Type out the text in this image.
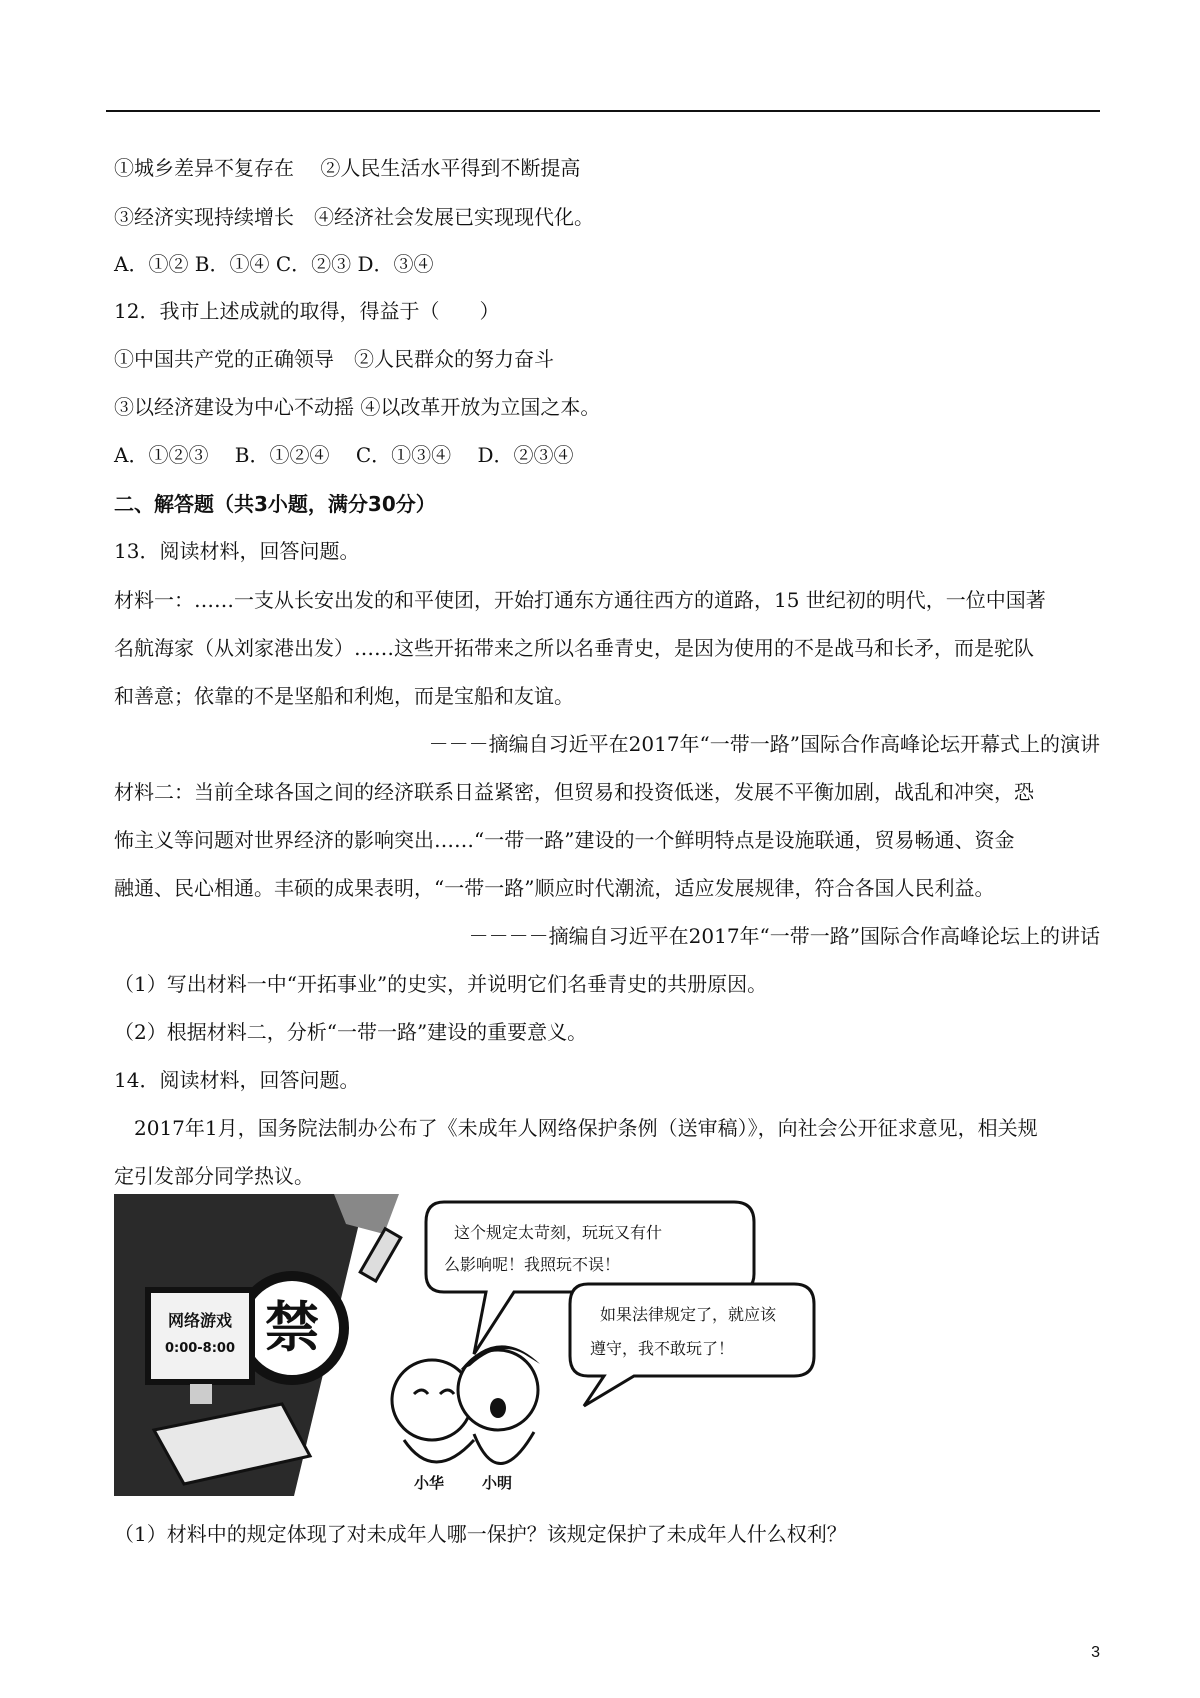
①城乡差异不复存在　 ②人民生活水平得到不断提高
③经济实现持续增长　④经济社会发展已实现现代化。
A．①② B．①④ C．②③ D．③④
12．我市上述成就的取得，得益于（　　）
①中国共产党的正确领导　②人民群众的努力奋斗
③以经济建设为中心不动摇 ④以改革开放为立国之本。
A．①②③　 B．①②④　 C．①③④　 D．②③④
二、解答题（共3小题，满分30分）
13．阅读材料，回答问题。
材料一：……一支从长安出发的和平使团，开始打通东方通往西方的道路，15 世纪初的明代，一位中国著
名航海家（从刘家港出发）……这些开拓带来之所以名垂青史，是因为使用的不是战马和长矛，而是驼队
和善意；依靠的不是坚船和利炮，而是宝船和友谊。
－－－摘编自习近平在2017年“一带一路”国际合作高峰论坛开幕式上的演讲
材料二：当前全球各国之间的经济联系日益紧密，但贸易和投资低迷，发展不平衡加剧，战乱和冲突，恐
怖主义等问题对世界经济的影响突出……“一带一路”建设的一个鲜明特点是设施联通，贸易畅通、资金
融通、民心相通。丰硕的成果表明，“一带一路”顺应时代潮流，适应发展规律，符合各国人民利益。
－－－－摘编自习近平在2017年“一带一路”国际合作高峰论坛上的讲话
（1）写出材料一中“开拓事业”的史实，并说明它们名垂青史的共册原因。
（2）根据材料二，分析“一带一路”建设的重要意义。
14．阅读材料，回答问题。
　2017年1月，国务院法制办公布了《未成年人网络保护条例（送审稿）》，向社会公开征求意见，相关规
定引发部分同学热议。
禁
网络游戏
0:00-8:00
这个规定太苛刻，玩玩又有什
么影响呢！我照玩不误！
如果法律规定了，就应该
遵守，我不敢玩了！
小华	小明
（1）材料中的规定体现了对未成年人哪一保护？该规定保护了未成年人什么权利？
3
